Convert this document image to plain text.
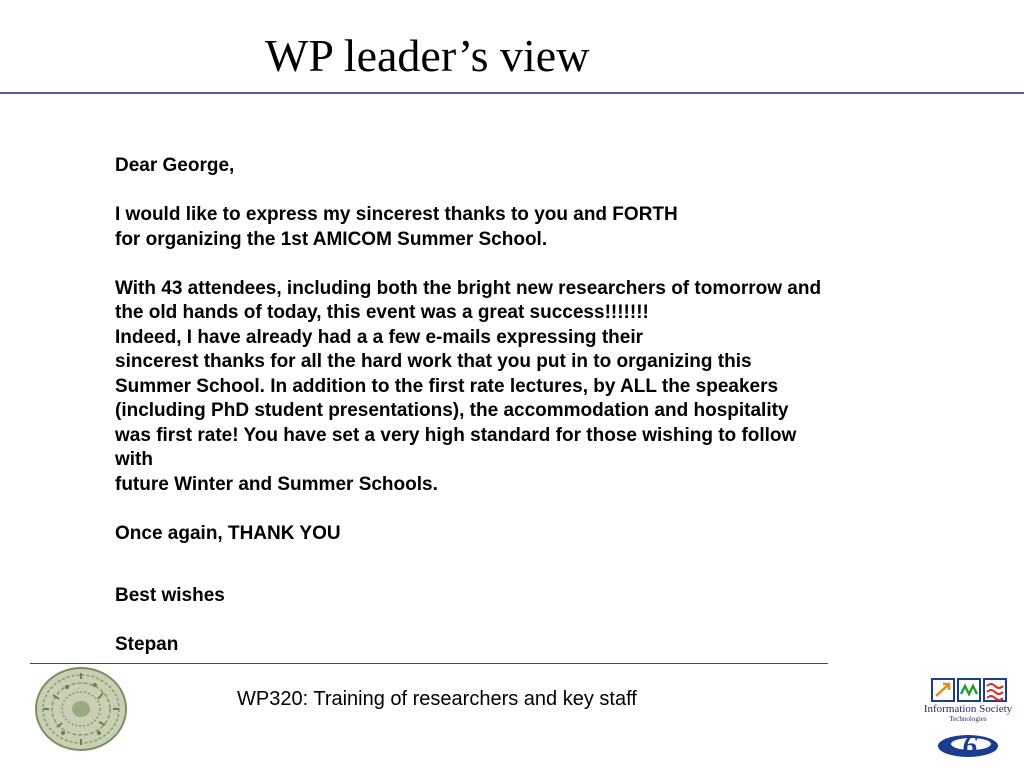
WP leader’s view
Dear George,
I would like to express my sincerest thanks to you and FORTH
for organizing the 1st AMICOM Summer School.
With 43 attendees, including both the bright new researchers of tomorrow and
the old hands of today, this event was a great success!!!!!!!
Indeed, I have already had a a few e-mails expressing their
sincerest thanks for all the hard work that you put in to organizing this
Summer School. In addition to the first rate lectures, by ALL the speakers
(including PhD student presentations), the accommodation and hospitality
was first rate! You have set a very high standard for those wishing to follow
with
future Winter and Summer Schools.
Once again, THANK YOU
Best wishes
Stepan
WP320: Training of researchers and key staff	Information Society
Technologies
6
